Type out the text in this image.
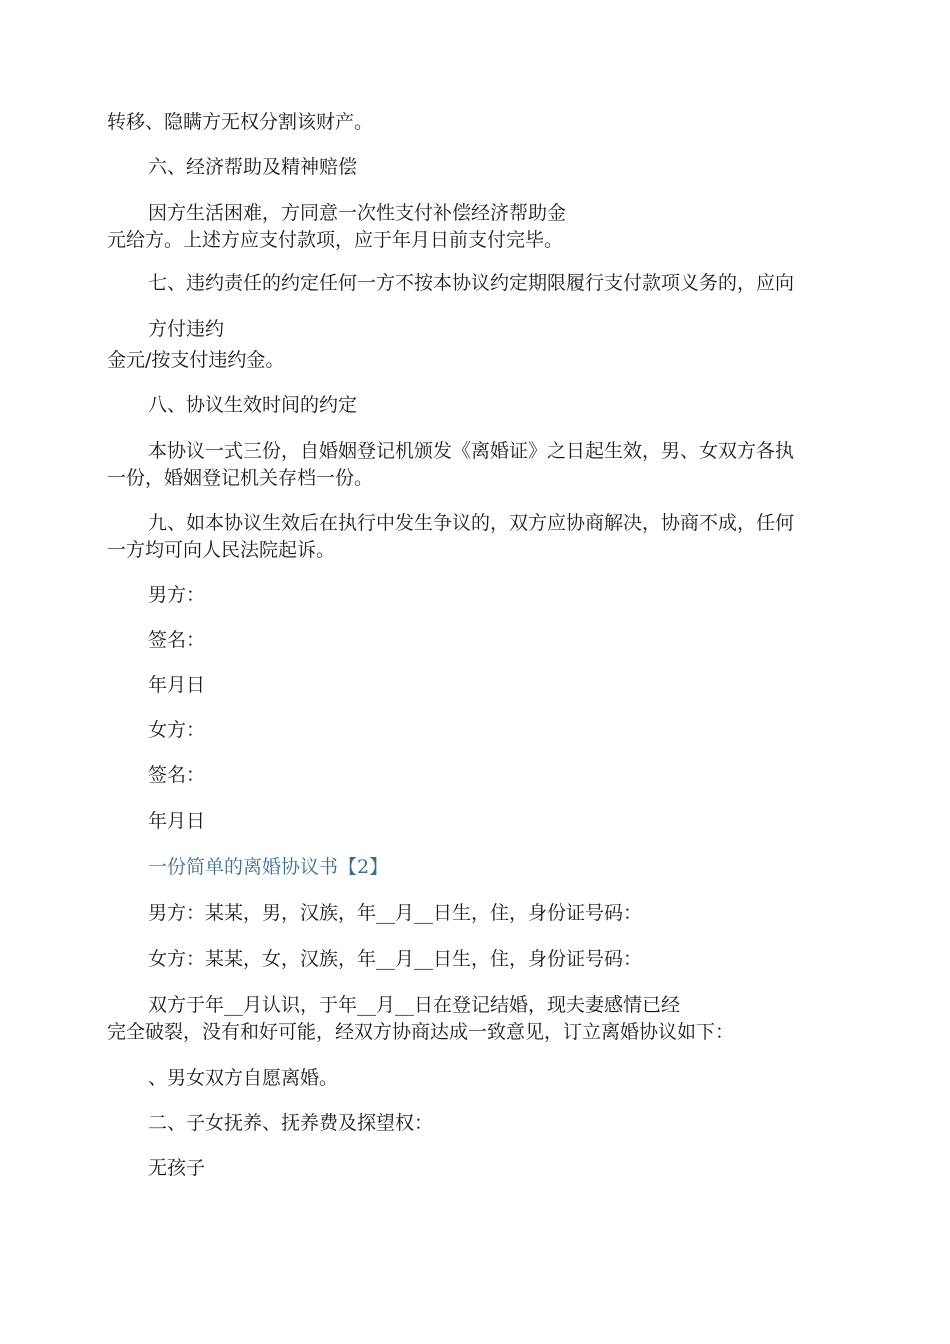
转移、隐瞒方无权分割该财产。
六、经济帮助及精神赔偿
因方生活困难，方同意一次性支付补偿经济帮助金
元给方。上述方应支付款项，应于年月日前支付完毕。
七、违约责任的约定任何一方不按本协议约定期限履行支付款项义务的，应向
方付违约
金元/按支付违约金。
八、协议生效时间的约定
本协议一式三份，自婚姻登记机颁发《离婚证》之日起生效，男、女双方各执
一份，婚姻登记机关存档一份。
九、如本协议生效后在执行中发生争议的，双方应协商解决，协商不成，任何
一方均可向人民法院起诉。
男方：
签名：
年月日
女方：
签名：
年月日
一份简单的离婚协议书【2】
男方：某某，男，汉族，年__月__日生，住，身份证号码：
女方：某某，女，汉族，年__月__日生，住，身份证号码：
双方于年__月认识，于年__月__日在登记结婚，现夫妻感情已经
完全破裂，没有和好可能，经双方协商达成一致意见，订立离婚协议如下：
、男女双方自愿离婚。
二、子女抚养、抚养费及探望权：
无孩子
